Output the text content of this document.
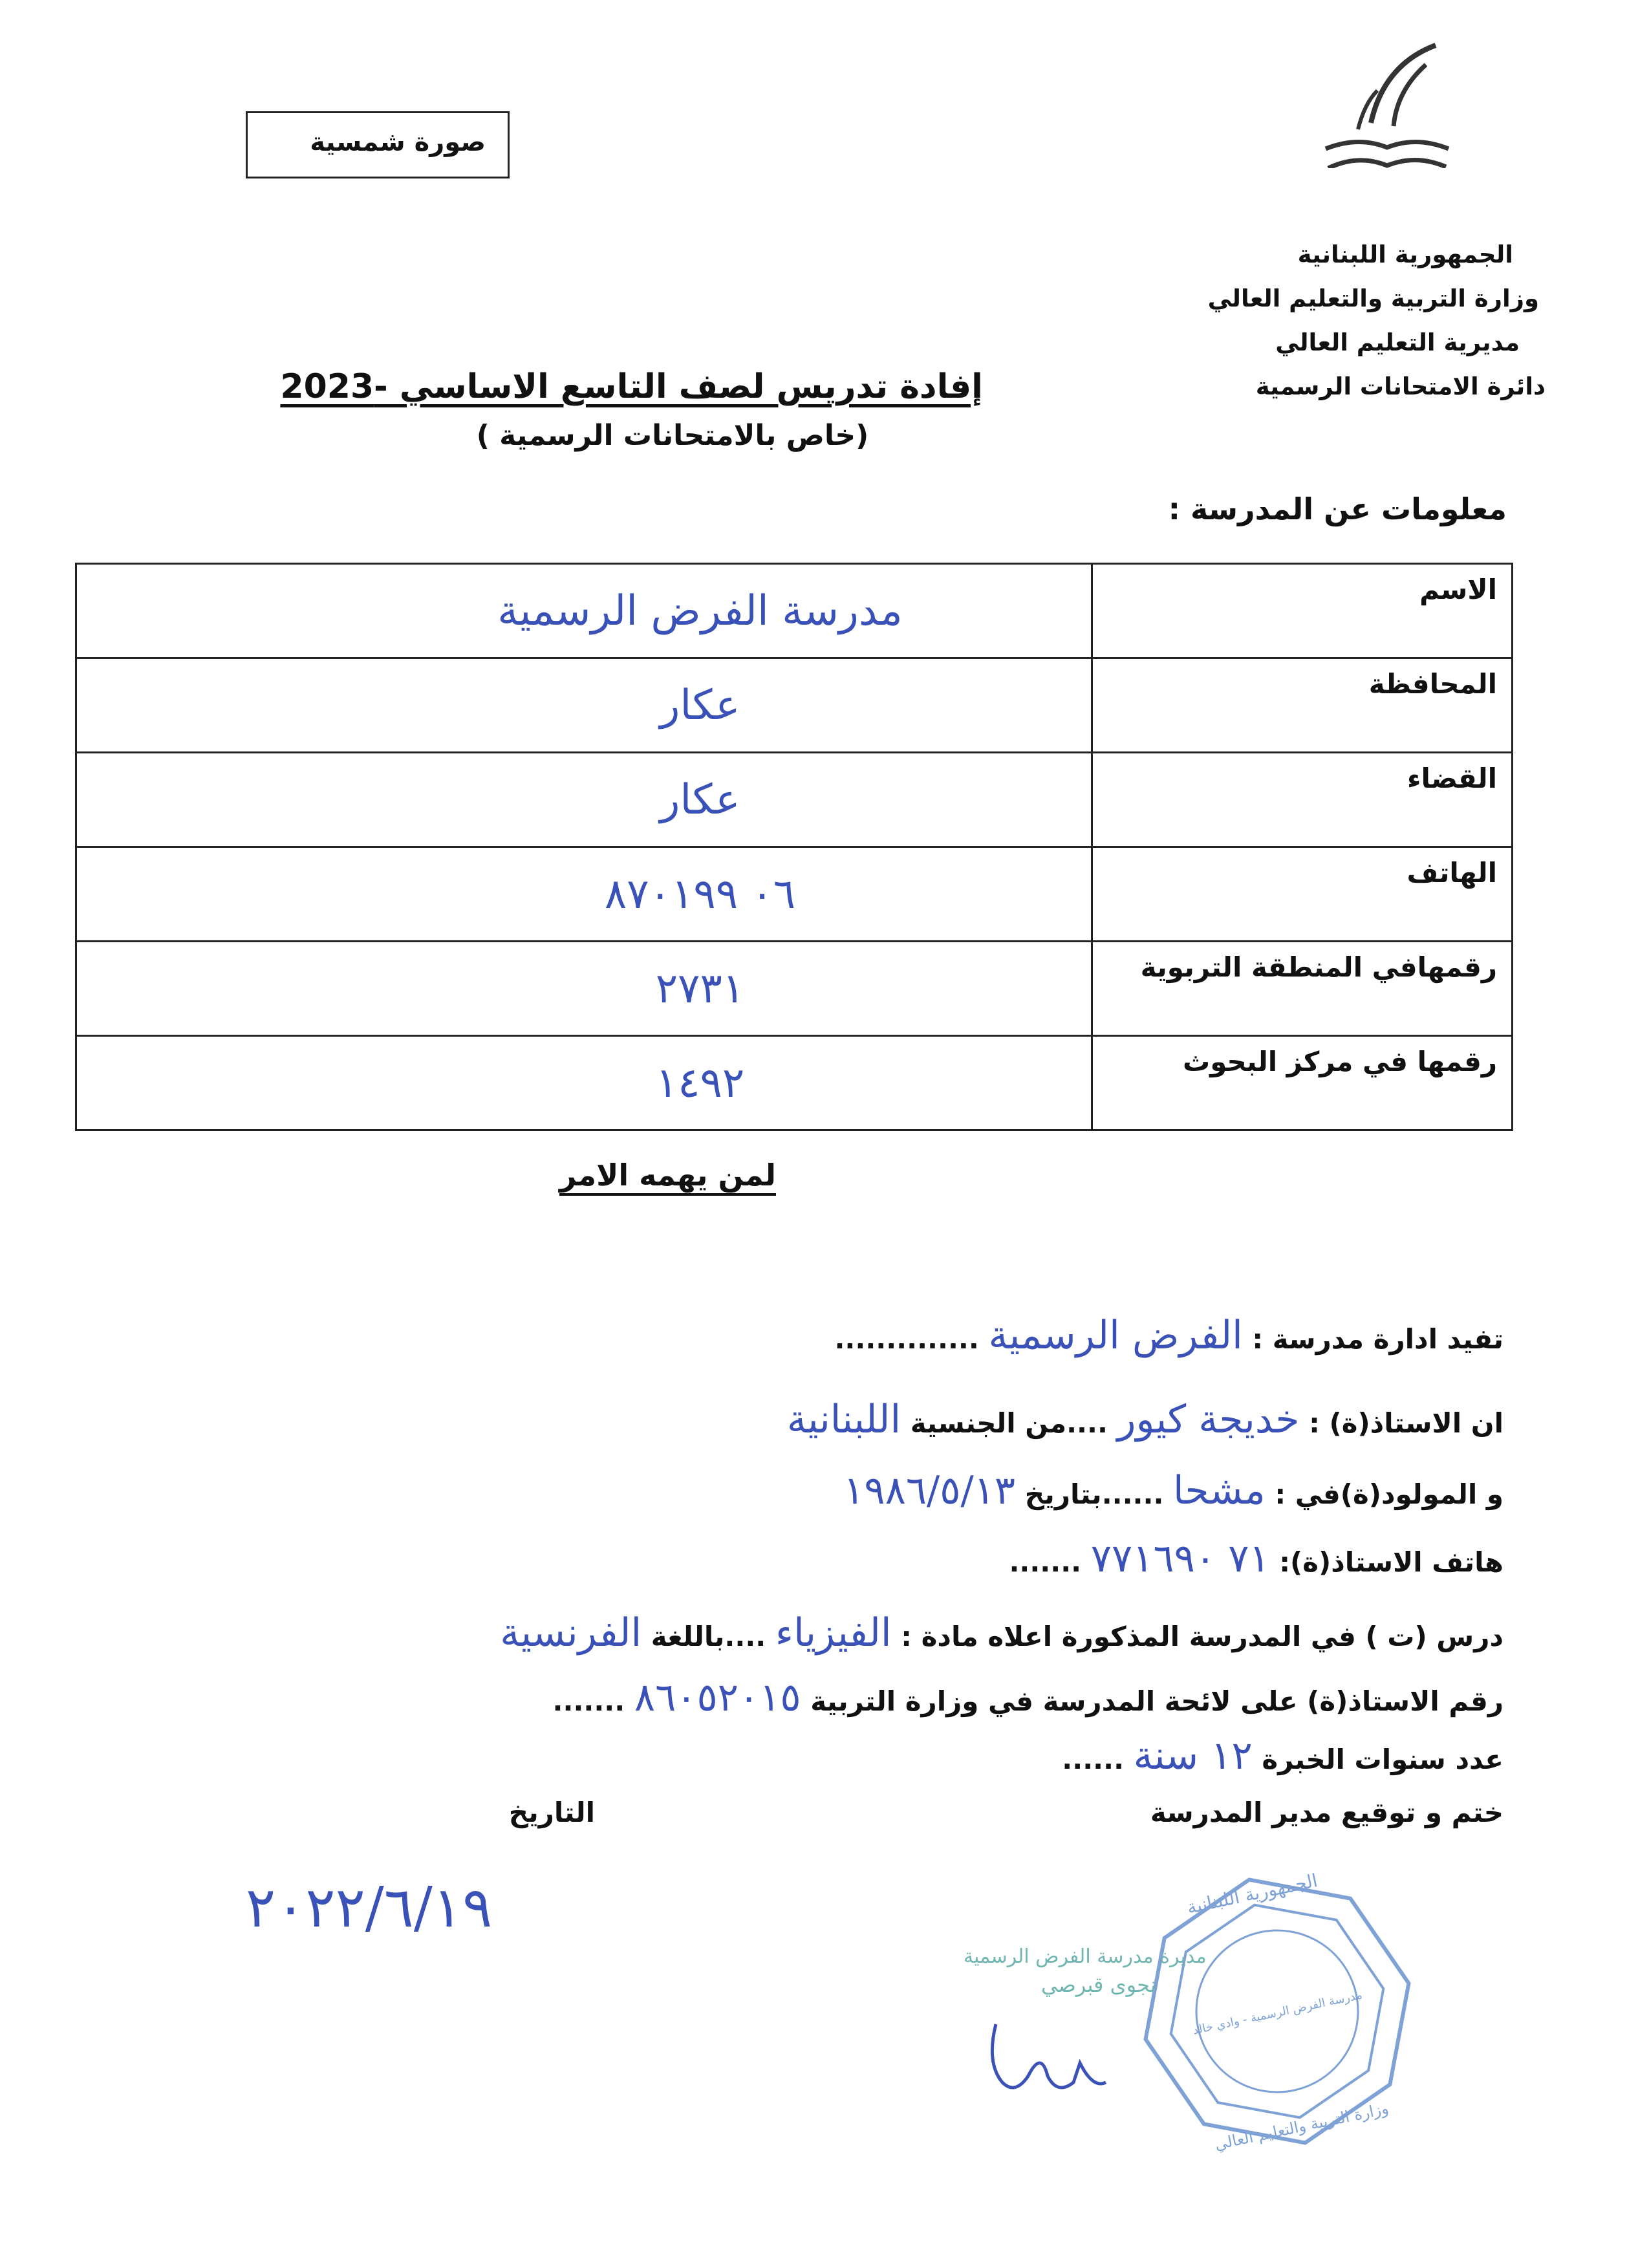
صورة شمسية
الجمهورية اللبنانية
وزارة التربية والتعليم العالي
مديرية التعليم العالي
دائرة الامتحانات الرسمية
إفادة تدريس لصف التاسع الاساسي -2023
(خاص بالامتحانات الرسمية )
معلومات عن المدرسة :
الاسم	مدرسة الفرض الرسمية
المحافظة	عكار
القضاء	عكار
الهاتف	٠٦ ٨٧٠١٩٩
رقمهافي المنطقة التربوية	٢٧٣١
رقمها في مركز البحوث	١٤٩٢
لمن يهمه الامر
تفيد ادارة مدرسة : الفرض الرسمية ..............
ان الاستاذ(ة) : خديجة كيور ....من الجنسية اللبنانية
و المولود(ة)في : مشحا ......بتاريخ ١٩٨٦/٥/١٣
هاتف الاستاذ(ة): ٧١ ٧٧١٦٩٠ .......
درس (ت ) في المدرسة المذكورة اعلاه مادة : الفيزياء ....باللغة الفرنسية
رقم الاستاذ(ة) على لائحة المدرسة في وزارة التربية ٨٦٠٥٢٠١٥ .......
عدد سنوات الخبرة ١٢ سنة ......
ختم و توقيع مدير المدرسة
التاريخ
٢٠٢٢/٦/١٩	الجمهورية اللبنانية
مدرسة الفرض الرسمية - وادي خالد
وزارة التربية والتعليم العالي
مديرة مدرسة الفرض الرسمية
نجوى قبرصي
